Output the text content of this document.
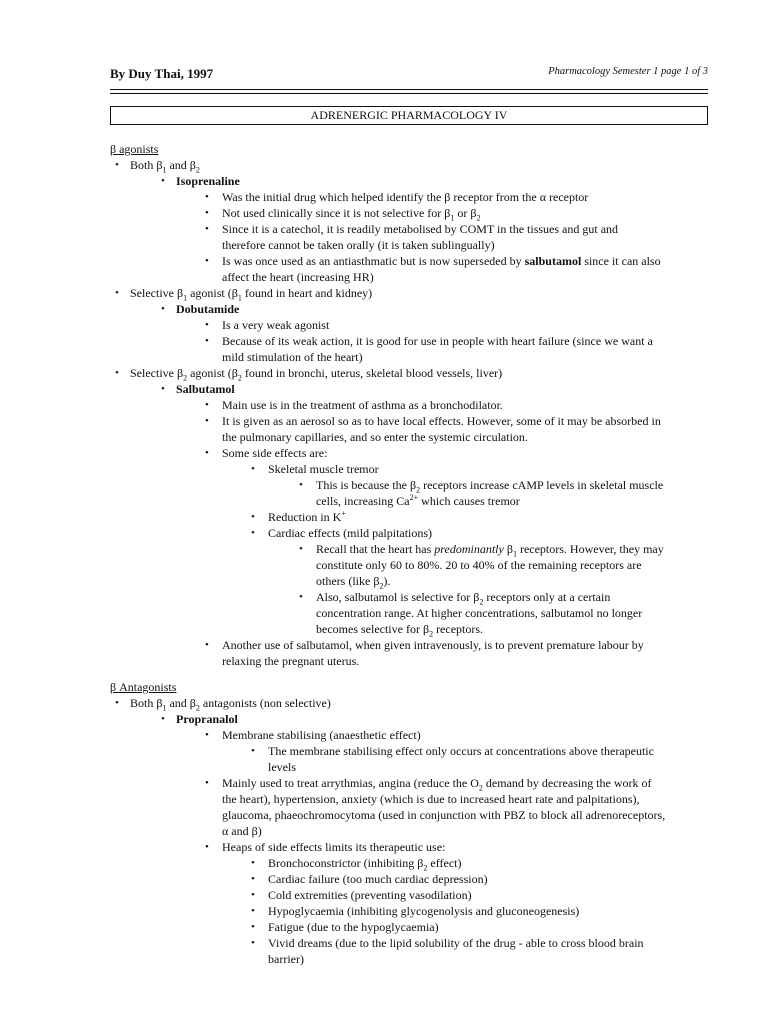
By Duy Thai, 1997	Pharmacology Semester 1 page 1 of 3
ADRENERGIC PHARMACOLOGY IV
β agonists
• Both $\beta_1$ and $\beta_2$
• Isoprenaline
• Was the initial drug which helped identify the β receptor from the α receptor
• Not used clinically since it is not selective for $\beta_1$ or $\beta_2$
• Since it is a catechol, it is readily metabolised by COMT in the tissues and gut and
therefore cannot be taken orally (it is taken sublingually)
• Is was once used as an antiasthmatic but is now superseded by salbutamol since it can also
affect the heart (increasing HR)
• Selective $\beta_1$ agonist ($\beta_1$ found in heart and kidney)
• Dobutamide
• Is a very weak agonist
• Because of its weak action, it is good for use in people with heart failure (since we want a
mild stimulation of the heart)
• Selective $\beta_2$ agonist ($\beta_2$ found in bronchi, uterus, skeletal blood vessels, liver)
• Salbutamol
• Main use is in the treatment of asthma as a bronchodilator.
• It is given as an aerosol so as to have local effects. However, some of it may be absorbed in
the pulmonary capillaries, and so enter the systemic circulation.
• Some side effects are:
• Skeletal muscle tremor
• This is because the $\beta_2$ receptors increase cAMP levels in skeletal muscle
cells, increasing $Ca^{2+}$ which causes tremor
• Reduction in K+
• Cardiac effects (mild palpitations)
• Recall that the heart has predominantly $\beta_1$ receptors. However, they may
constitute only 60 to 80%. 20 to 40% of the remaining receptors are
others (like $\beta_2$).
• Also, salbutamol is selective for $\beta_2$ receptors only at a certain
concentration range. At higher concentrations, salbutamol no longer
becomes selective for $\beta_2$ receptors.
• Another use of salbutamol, when given intravenously, is to prevent premature labour by
relaxing the pregnant uterus.
β Antagonists
• Both $\beta_1$ and $\beta_2$ antagonists (non selective)
• Propranalol
• Membrane stabilising (anaesthetic effect)
• The membrane stabilising effect only occurs at concentrations above therapeutic
levels
• Mainly used to treat arrythmias, angina (reduce the $O_2$ demand by decreasing the work of
the heart), hypertension, anxiety (which is due to increased heart rate and palpitations),
glaucoma, phaeochromocytoma (used in conjunction with PBZ to block all adrenoreceptors,
α and β)
• Heaps of side effects limits its therapeutic use:
• Bronchoconstrictor (inhibiting $\beta_2$ effect)
• Cardiac failure (too much cardiac depression)
• Cold extremities (preventing vasodilation)
• Hypoglycaemia (inhibiting glycogenolysis and gluconeogenesis)
• Fatigue (due to the hypoglycaemia)
• Vivid dreams (due to the lipid solubility of the drug - able to cross blood brain
barrier)
